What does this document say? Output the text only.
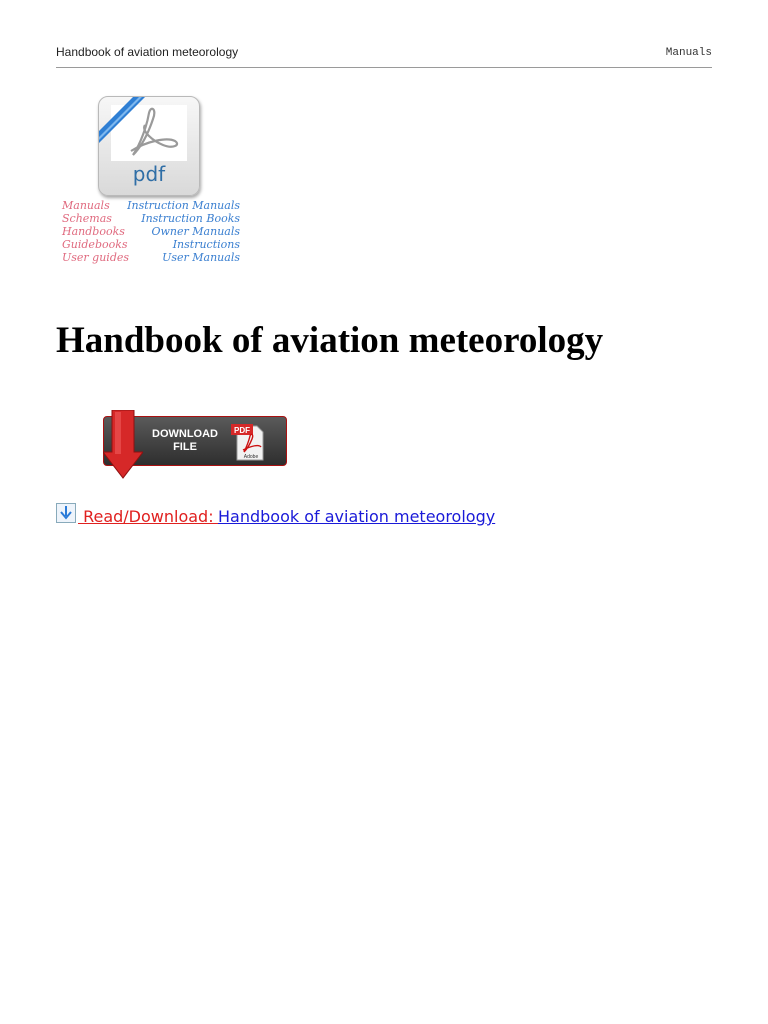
Handbook of aviation meteorology	Manuals
pdf
Manuals
Schemas
Handbooks
Guidebooks
User guides
Instruction Manuals
Instruction Books
Owner Manuals
Instructions
User Manuals
Handbook of aviation meteorology
DOWNLOAD
FILE
PDF
Adobe
Read/Download: Handbook of aviation meteorology
